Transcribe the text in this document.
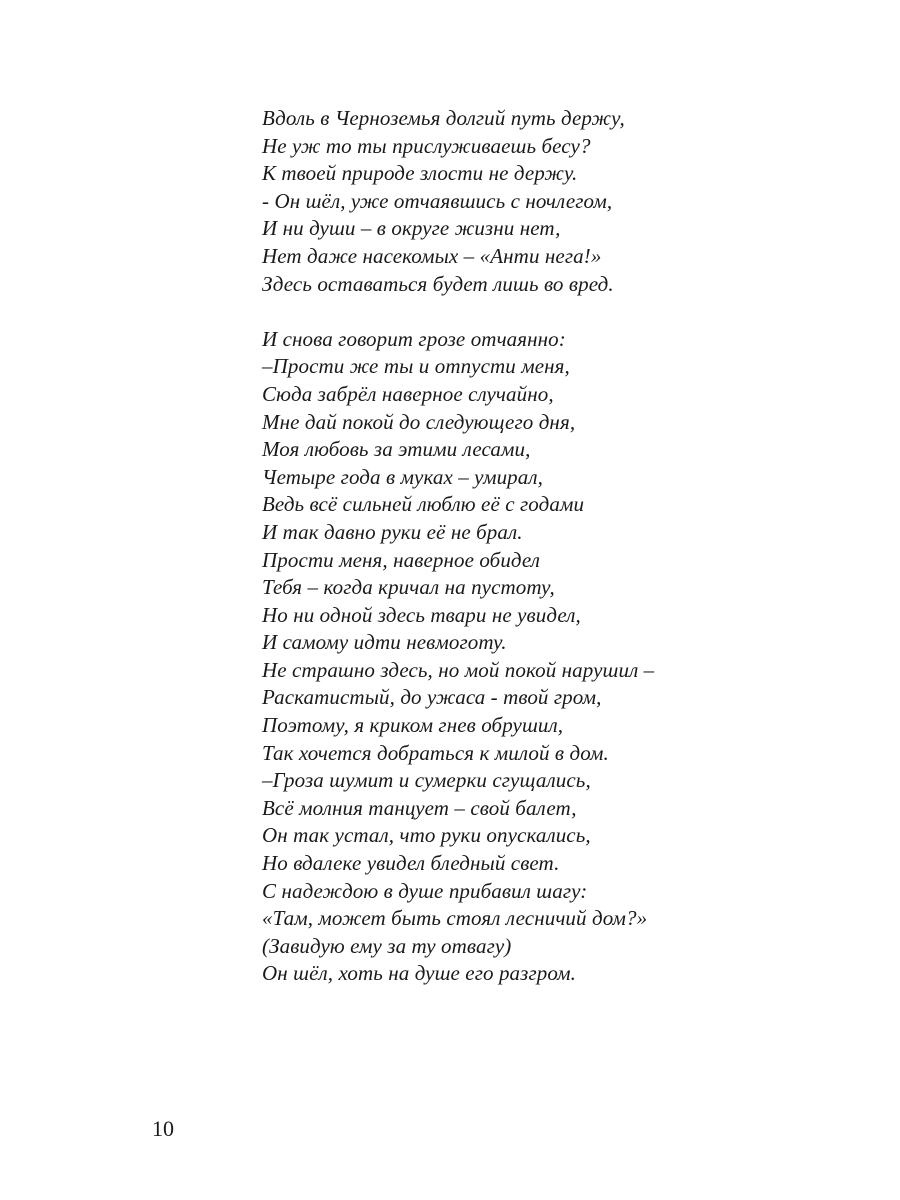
Вдоль в Черноземья долгий путь держу,
Не уж то ты прислуживаешь бесу?
К твоей природе злости не держу.
- Он шёл, уже отчаявшись с ночлегом,
И ни души – в округе жизни нет,
Нет даже насекомых – «Анти нега!»
Здесь оставаться будет лишь во вред.
И снова говорит грозе отчаянно:
–Прости же ты и отпусти меня,
Сюда забрёл наверное случайно,
Мне дай покой до следующего дня,
Моя любовь за этими лесами,
Четыре года в муках – умирал,
Ведь всё сильней люблю её с годами
И так давно руки её не брал.
Прости меня, наверное обидел
Тебя – когда кричал на пустоту,
Но ни одной здесь твари не увидел,
И самому идти невмоготу.
Не страшно здесь, но мой покой нарушил –
Раскатистый, до ужаса - твой гром,
Поэтому, я криком гнев обрушил,
Так хочется добраться к милой в дом.
–Гроза шумит и сумерки сгущались,
Всё молния танцует – свой балет,
Он так устал, что руки опускались,
Но вдалеке увидел бледный свет.
С надеждою в душе прибавил шагу:
«Там, может быть стоял лесничий дом?»
(Завидую ему за ту отвагу)
Он шёл, хоть на душе его разгром.
10
